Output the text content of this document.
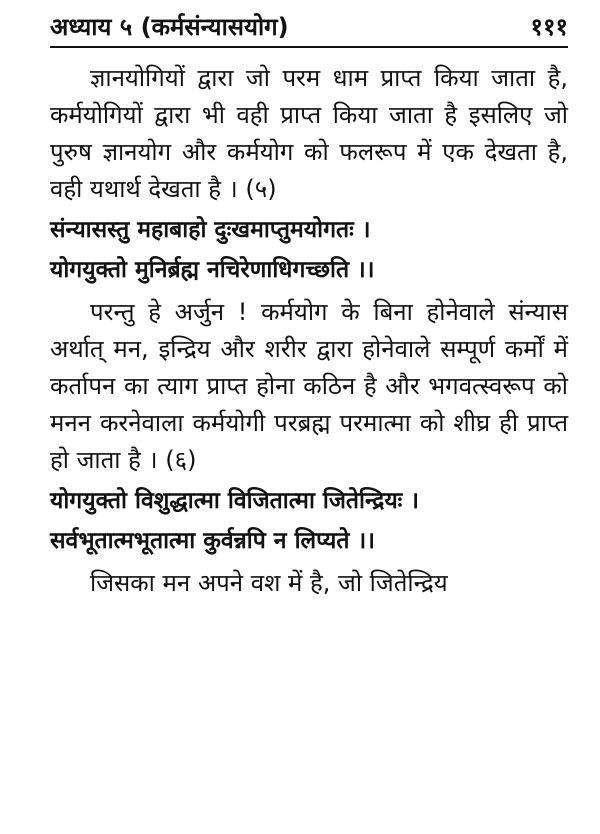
अध्याय ५ (कर्मसंन्यासयोग)	१११

ज्ञानयोगियों द्वारा जो परम धाम प्राप्त किया जाता है, कर्मयोगियों द्वारा भी वही प्राप्त किया जाता है इसलिए जो पुरुष ज्ञानयोग और कर्मयोग को फलरूप में एक देखता है, वही यथार्थ देखता है । (५)

संन्यासस्तु महाबाहो दुःखमाप्तुमयोगतः ।

योगयुक्तो मुनिर्ब्रह्म नचिरेणाधिगच्छति ।।

परन्तु हे अर्जुन ! कर्मयोग के बिना होनेवाले संन्यास अर्थात् मन, इन्द्रिय और शरीर द्वारा होनेवाले सम्पूर्ण कर्मों में कर्तापन का त्याग प्राप्त होना कठिन है और भगवत्स्वरूप को मनन करनेवाला कर्मयोगी परब्रह्म परमात्मा को शीघ्र ही प्राप्त हो जाता है । (६)

योगयुक्तो विशुद्धात्मा विजितात्मा जितेन्द्रियः ।

सर्वभूतात्मभूतात्मा कुर्वन्नपि न लिप्यते ।।

जिसका मन अपने वश में है, जो जितेन्द्रिय
